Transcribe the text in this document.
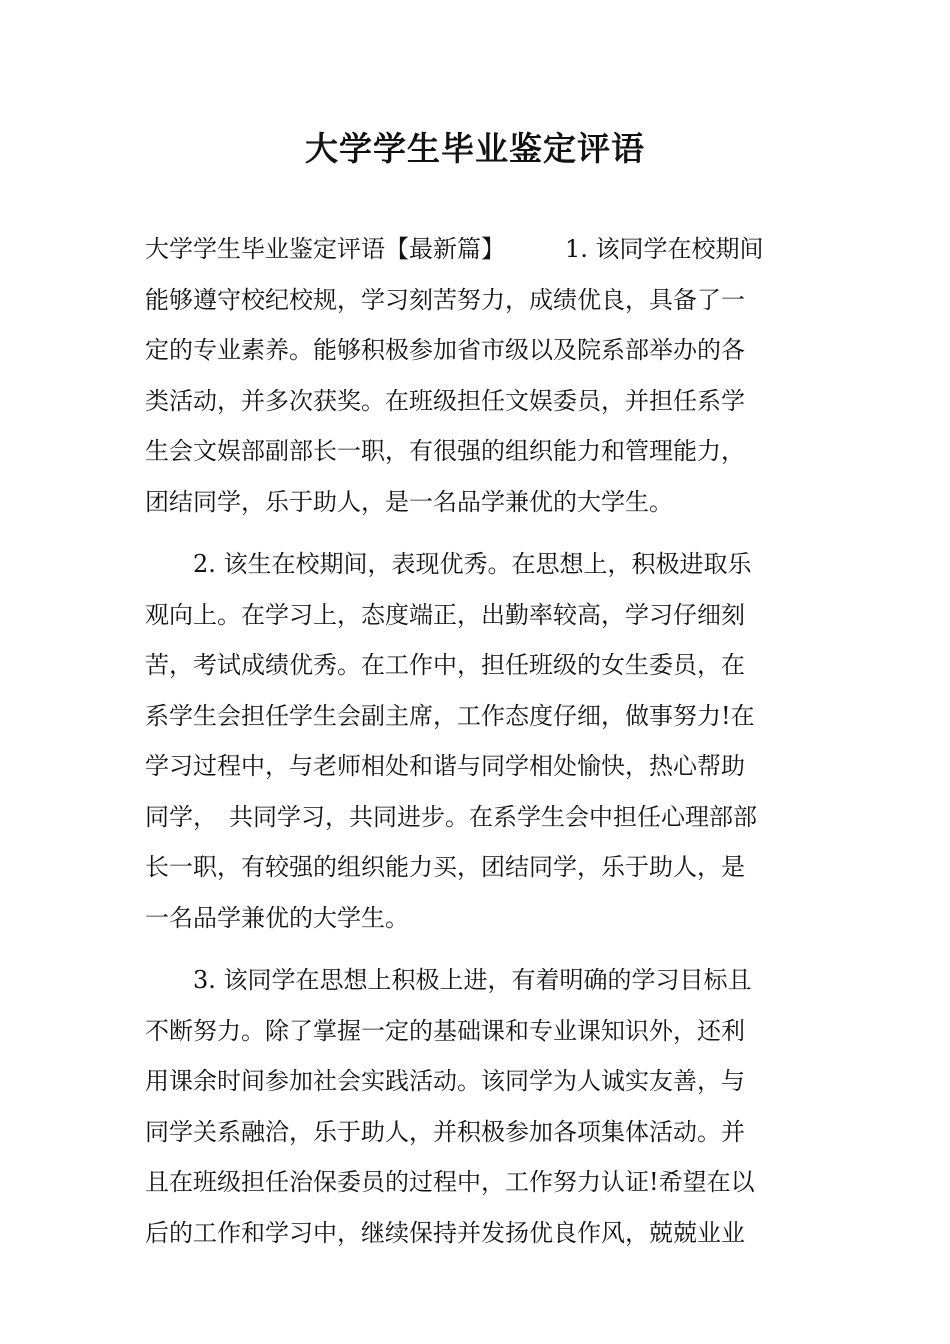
大学学生毕业鉴定评语
大学学生毕业鉴定评语【最新篇】　　　1. 该同学在校期间
能够遵守校纪校规，学习刻苦努力，成绩优良，具备了一
定的专业素养。能够积极参加省市级以及院系部举办的各
类活动，并多次获奖。在班级担任文娱委员，并担任系学
生会文娱部副部长一职，有很强的组织能力和管理能力，
团结同学，乐于助人，是一名品学兼优的大学生。
2. 该生在校期间，表现优秀。在思想上，积极进取乐
观向上。在学习上，态度端正，出勤率较高，学习仔细刻
苦，考试成绩优秀。在工作中，担任班级的女生委员，在
系学生会担任学生会副主席，工作态度仔细，做事努力!在
学习过程中，与老师相处和谐与同学相处愉快，热心帮助
同学，　共同学习，共同进步。在系学生会中担任心理部部
长一职，有较强的组织能力买，团结同学，乐于助人，是
一名品学兼优的大学生。
3. 该同学在思想上积极上进，有着明确的学习目标且
不断努力。除了掌握一定的基础课和专业课知识外，还利
用课余时间参加社会实践活动。该同学为人诚实友善，与
同学关系融洽，乐于助人，并积极参加各项集体活动。并
且在班级担任治保委员的过程中，工作努力认证!希望在以
后的工作和学习中，继续保持并发扬优良作风，兢兢业业
